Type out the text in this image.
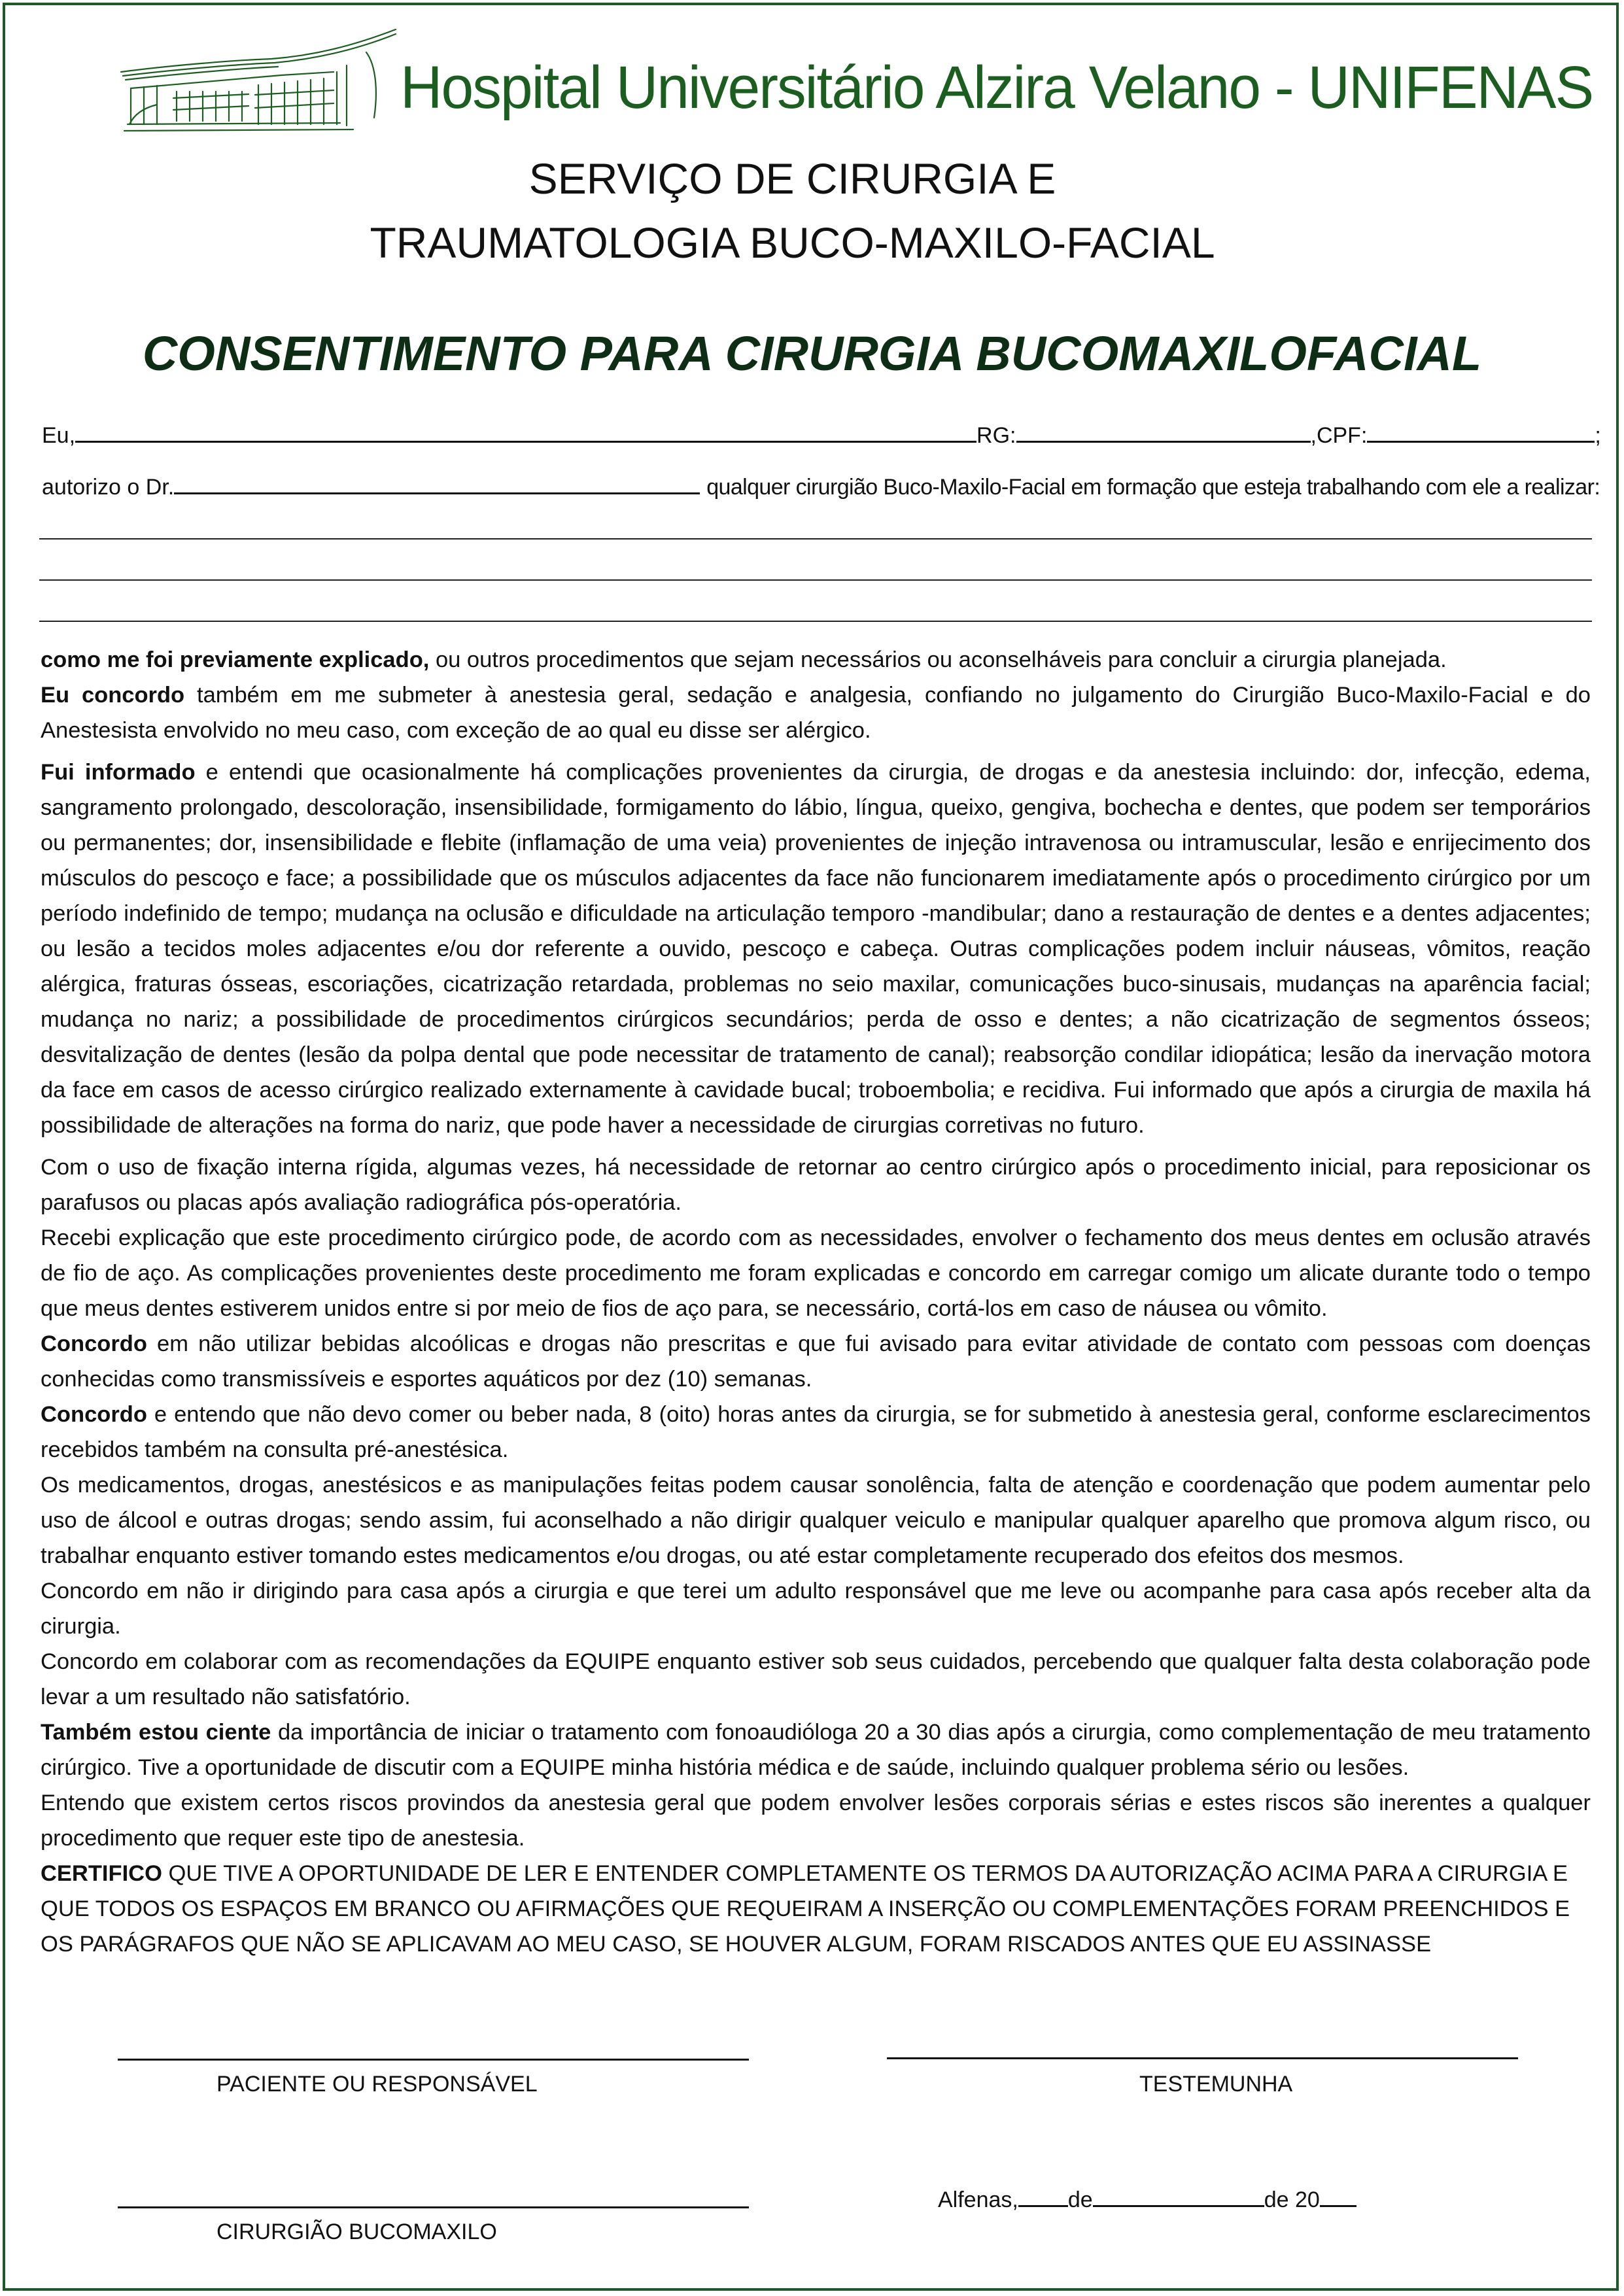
Hospital Universitário Alzira Velano - UNIFENAS
SERVIÇO DE CIRURGIA E
TRAUMATOLOGIA BUCO-MAXILO-FACIAL
CONSENTIMENTO PARA CIRURGIA BUCOMAXILOFACIAL
Eu,	RG:	,CPF:	;
autorizo o Dr.	qualquer cirurgião Buco-Maxilo-Facial em formação que esteja trabalhando com ele a realizar:

como me foi previamente explicado, ou outros procedimentos que sejam necessários ou aconselháveis para concluir a cirurgia planejada.

Eu concordo também em me submeter à anestesia geral, sedação e analgesia, confiando no julgamento do Cirurgião Buco-Maxilo-Facial e do Anestesista envolvido no meu caso, com exceção de ao qual eu disse ser alérgico.

Fui informado e entendi que ocasionalmente há complicações provenientes da cirurgia, de drogas e da anestesia incluindo: dor, infecção, edema, sangramento prolongado, descoloração, insensibilidade, formigamento do lábio, língua, queixo, gengiva, bochecha e dentes, que podem ser temporários ou permanentes; dor, insensibilidade e flebite (inflamação de uma veia) provenientes de injeção intravenosa ou intramuscular, lesão e enrijecimento dos músculos do pescoço e face; a possibilidade que os músculos adjacentes da face não funcionarem imediatamente após o procedimento cirúrgico por um período indefinido de tempo; mudança na oclusão e dificuldade na articulação temporo -mandibular; dano a restauração de dentes e a dentes adjacentes; ou lesão a tecidos moles adjacentes e/ou dor referente a ouvido, pescoço e cabeça. Outras complicações podem incluir náuseas, vômitos, reação alérgica, fraturas ósseas, escoriações, cicatrização retardada, problemas no seio maxilar, comunicações buco-sinusais, mudanças na aparência facial; mudança no nariz; a possibilidade de procedimentos cirúrgicos secundários; perda de osso e dentes; a não cicatrização de segmentos ósseos; desvitalização de dentes (lesão da polpa dental que pode necessitar de tratamento de canal); reabsorção condilar idiopática; lesão da inervação motora da face em casos de acesso cirúrgico realizado externamente à cavidade bucal; troboembolia; e recidiva. Fui informado que após a cirurgia de maxila há possibilidade de alterações na forma do nariz, que pode haver a necessidade de cirurgias corretivas no futuro.

Com o uso de fixação interna rígida, algumas vezes, há necessidade de retornar ao centro cirúrgico após o procedimento inicial, para reposicionar os parafusos ou placas após avaliação radiográfica pós-operatória.

Recebi explicação que este procedimento cirúrgico pode, de acordo com as necessidades, envolver o fechamento dos meus dentes em oclusão através de fio de aço. As complicações provenientes deste procedimento me foram explicadas e concordo em carregar comigo um alicate durante todo o tempo que meus dentes estiverem unidos entre si por meio de fios de aço para, se necessário, cortá-los em caso de náusea ou vômito.

Concordo em não utilizar bebidas alcoólicas e drogas não prescritas e que fui avisado para evitar atividade de contato com pessoas com doenças conhecidas como transmissíveis e esportes aquáticos por dez (10) semanas.

Concordo e entendo que não devo comer ou beber nada, 8 (oito) horas antes da cirurgia, se for submetido à anestesia geral, conforme esclarecimentos recebidos também na consulta pré-anestésica.

Os medicamentos, drogas, anestésicos e as manipulações feitas podem causar sonolência, falta de atenção e coordenação que podem aumentar pelo uso de álcool e outras drogas; sendo assim, fui aconselhado a não dirigir qualquer veiculo e manipular qualquer aparelho que promova algum risco, ou trabalhar enquanto estiver tomando estes medicamentos e/ou drogas, ou até estar completamente recuperado dos efeitos dos mesmos.

Concordo em não ir dirigindo para casa após a cirurgia e que terei um adulto responsável que me leve ou acompanhe para casa após receber alta da cirurgia.

Concordo em colaborar com as recomendações da EQUIPE enquanto estiver sob seus cuidados, percebendo que qualquer falta desta colaboração pode levar a um resultado não satisfatório.

Também estou ciente da importância de iniciar o tratamento com fonoaudióloga 20 a 30 dias após a cirurgia, como complementação de meu tratamento cirúrgico. Tive a oportunidade de discutir com a EQUIPE minha história médica e de saúde, incluindo qualquer problema sério ou lesões.

Entendo que existem certos riscos provindos da anestesia geral que podem envolver lesões corporais sérias e estes riscos são inerentes a qualquer procedimento que requer este tipo de anestesia.

CERTIFICO QUE TIVE A OPORTUNIDADE DE LER E ENTENDER COMPLETAMENTE OS TERMOS DA AUTORIZAÇÃO ACIMA PARA A CIRURGIA E QUE TODOS OS ESPAÇOS EM BRANCO OU AFIRMAÇÕES QUE REQUEIRAM A INSERÇÃO OU COMPLEMENTAÇÕES FORAM PREENCHIDOS E OS PARÁGRAFOS QUE NÃO SE APLICAVAM AO MEU CASO, SE HOUVER ALGUM, FORAM RISCADOS ANTES QUE EU ASSINASSE

PACIENTE OU RESPONSÁVEL	TESTEMUNHA
CIRURGIÃO BUCOMAXILO
Alfenas, de	de 20
